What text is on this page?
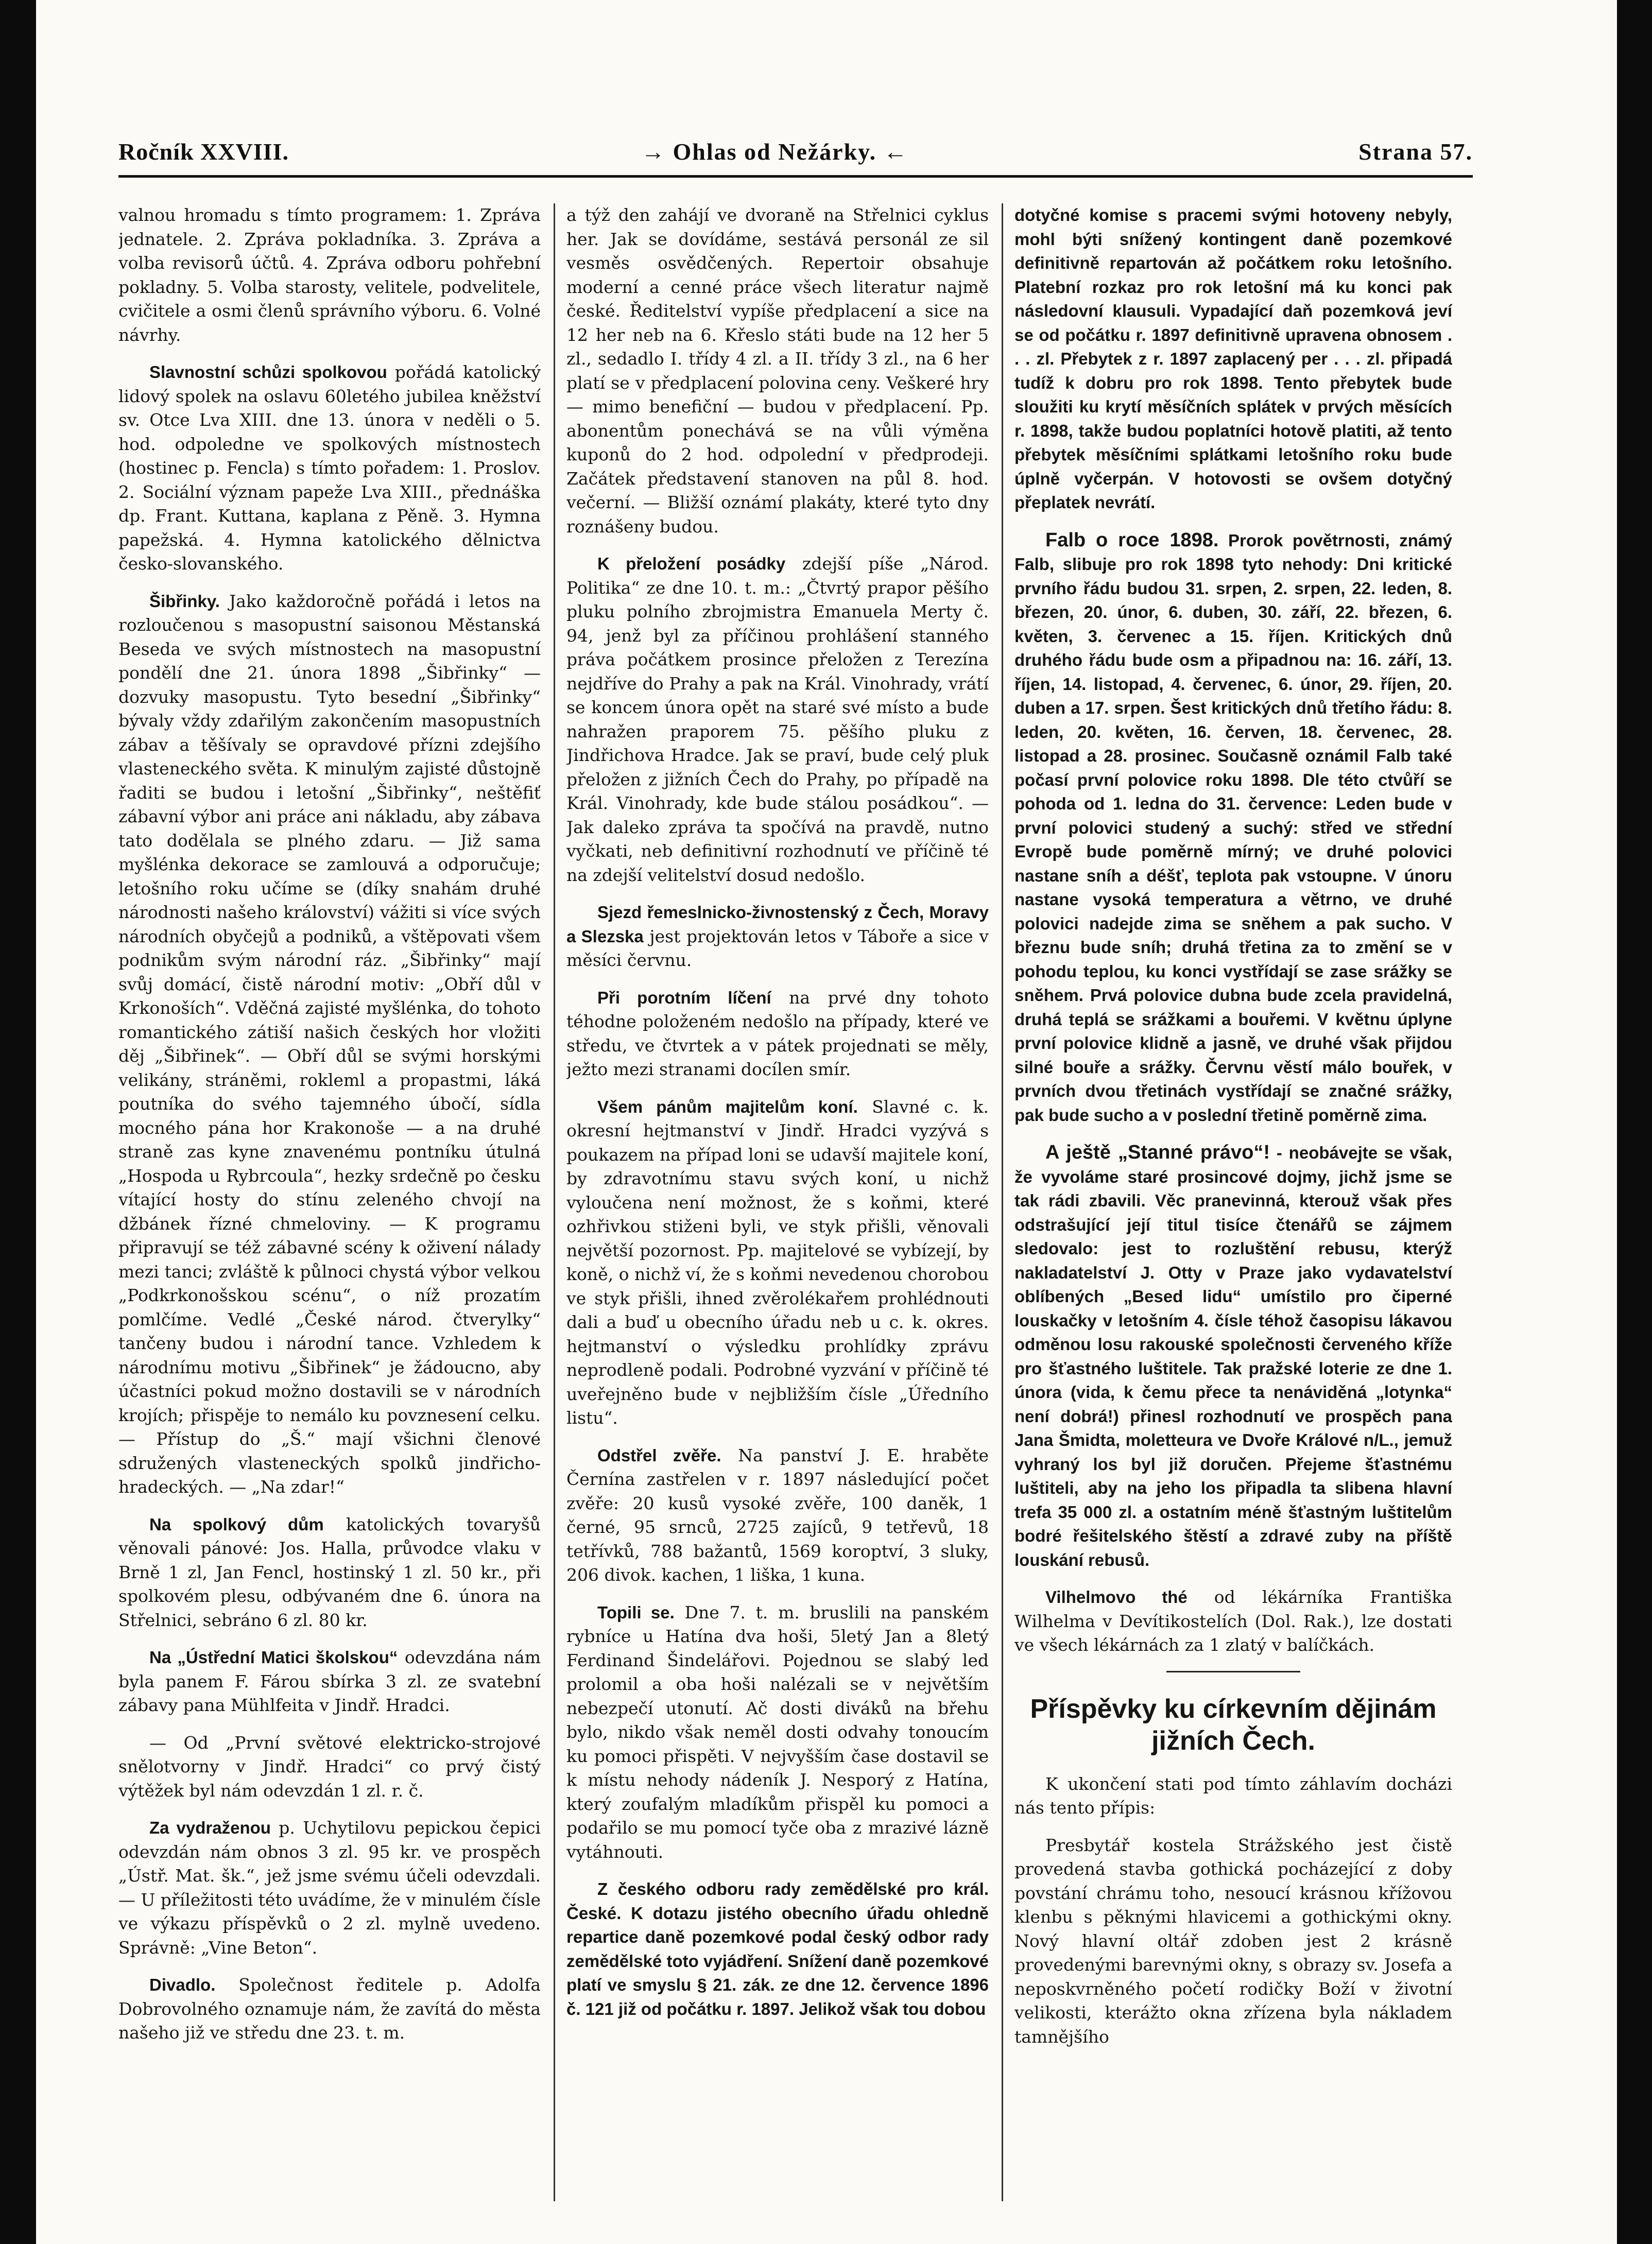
Ročník XXVIII.	→ Ohlas od Nežárky. ←	Strana 57.

valnou hromadu s tímto programem: 1. Zpráva jednatele. 2. Zpráva pokladníka. 3. Zpráva a volba revisorů účtů. 4. Zpráva odboru pohřební pokladny. 5. Volba starosty, velitele, podvelitele, cvičitele a osmi členů správního výboru. 6. Volné návrhy.

Slavnostní schůzi spolkovou pořádá katolický lidový spolek na oslavu 60letého jubilea kněžství sv. Otce Lva XIII. dne 13. února v neděli o 5. hod. odpoledne ve spolkových místnostech (hostinec p. Fencla) s tímto pořadem: 1. Proslov. 2. Sociální význam papeže Lva XIII., přednáška dp. Frant. Kuttana, kaplana z Pěně. 3. Hymna papežská. 4. Hymna katolického dělnictva česko-slovanského.

Šibřinky. Jako každoročně pořádá i letos na rozloučenou s masopustní saisonou Městanská Beseda ve svých místnostech na masopustní pondělí dne 21. února 1898 „Šibřinky“ — dozvuky masopustu. Tyto besední „Šibřinky“ bývaly vždy zdařilým zakončením masopustních zábav a těšívaly se opravdové přízni zdejšího vlasteneckého světa. K minulým zajisté důstojně řaditi se budou i letošní „Šibřinky“, neštěfiť zábavní výbor ani práce ani nákladu, aby zábava tato dodělala se plného zdaru. — Již sama myšlénka dekorace se zamlouvá a odporučuje; letošního roku učíme se (díky snahám druhé národnosti našeho království) vážiti si více svých národních obyčejů a podniků, a vštěpovati všem podnikům svým národní ráz. „Šibřinky“ mají svůj domácí, čistě národní motiv: „Obří důl v Krkonoších“. Vděčná zajisté myšlénka, do tohoto romantického zátiší našich českých hor vložiti děj „Šibřinek“. — Obří důl se svými horskými velikány, stráněmi, rokleml a propastmi, láká poutníka do svého tajemného úbočí, sídla mocného pána hor Krakonoše — a na druhé straně zas kyne znavenému pontníku útulná „Hospoda u Rybrcoula“, hezky srdečně po česku vítající hosty do stínu zeleného chvojí na džbánek řízné chmeloviny. — K programu připravují se též zábavné scény k oživení nálady mezi tanci; zvláště k půlnoci chystá výbor velkou „Podkrkonošskou scénu“, o níž prozatím pomlčíme. Vedlé „České národ. čtverylky“ tančeny budou i národní tance. Vzhledem k národnímu motivu „Šibřinek“ je žádoucno, aby účastníci pokud možno dostavili se v národních krojích; přispěje to nemálo ku povznesení celku. — Přístup do „Š.“ mají všichni členové sdružených vlasteneckých spolků jindřicho-hradeckých. — „Na zdar!“

Na spolkový dům katolických tovaryšů věnovali pánové: Jos. Halla, průvodce vlaku v Brně 1 zl, Jan Fencl, hostinský 1 zl. 50 kr., při spolkovém plesu, odbývaném dne 6. února na Střelnici, sebráno 6 zl. 80 kr.

Na „Ústřední Matici školskou“ odevzdána nám byla panem F. Fárou sbírka 3 zl. ze svatební zábavy pana Mühlfeita v Jindř. Hradci.

— Od „První světové elektricko-strojové snělotvorny v Jindř. Hradci“ co prvý čistý výtěžek byl nám odevzdán 1 zl. r. č.

Za vydraženou p. Uchytilovu pepickou čepici odevzdán nám obnos 3 zl. 95 kr. ve prospěch „Ústř. Mat. šk.“, jež jsme svému účeli odevzdali. — U příležitosti této uvádíme, že v minulém čísle ve výkazu příspěvků o 2 zl. mylně uvedeno. Správně: „Vine Beton“.

Divadlo. Společnost ředitele p. Adolfa Dobrovolného oznamuje nám, že zavítá do města našeho již ve středu dne 23. t. m.

a týž den zahájí ve dvoraně na Střelnici cyklus her. Jak se dovídáme, sestává personál ze sil vesměs osvědčených. Repertoir obsahuje moderní a cenné práce všech literatur najmě české. Ředitelství vypíše předplacení a sice na 12 her neb na 6. Křeslo státi bude na 12 her 5 zl., sedadlo I. třídy 4 zl. a II. třídy 3 zl., na 6 her platí se v předplacení polovina ceny. Veškeré hry — mimo benefiční — budou v předplacení. Pp. abonentům ponechává se na vůli výměna kuponů do 2 hod. odpolední v předprodeji. Začátek představení stanoven na půl 8. hod. večerní. — Bližší oznámí plakáty, které tyto dny roznášeny budou.

K přeložení posádky zdejší píše „Národ. Politika“ ze dne 10. t. m.: „Čtvrtý prapor pěšího pluku polního zbrojmistra Emanuela Merty č. 94, jenž byl za příčinou prohlášení stanného práva počátkem prosince přeložen z Terezína nejdříve do Prahy a pak na Král. Vinohrady, vrátí se koncem února opět na staré své místo a bude nahražen praporem 75. pěšího pluku z Jindřichova Hradce. Jak se praví, bude celý pluk přeložen z jižních Čech do Prahy, po případě na Král. Vinohrady, kde bude stálou posádkou“. — Jak daleko zpráva ta spočívá na pravdě, nutno vyčkati, neb definitivní rozhodnutí ve příčině té na zdejší velitelství dosud nedošlo.

Sjezd řemeslnicko-živnostenský z Čech, Moravy a Slezska jest projektován letos v Táboře a sice v měsíci červnu.

Při porotním líčení na prvé dny tohoto téhodne položeném nedošlo na případy, které ve středu, ve čtvrtek a v pátek projednati se měly, ježto mezi stranami docílen smír.

Všem pánům majitelům koní. Slavné c. k. okresní hejtmanství v Jindř. Hradci vyzývá s poukazem na případ loni se udavší majitele koní, by zdravotnímu stavu svých koní, u nichž vyloučena není možnost, že s koňmi, které ozhřivkou stiženi byli, ve styk přišli, věnovali největší pozornost. Pp. majitelové se vybízejí, by koně, o nichž ví, že s koňmi nevedenou chorobou ve styk přišli, ihned zvěrolékařem prohlédnouti dali a buď u obecního úřadu neb u c. k. okres. hejtmanství o výsledku prohlídky zprávu neprodleně podali. Podrobné vyzvání v příčině té uveřejněno bude v nejbližším čísle „Úředního listu“.

Odstřel zvěře. Na panství J. E. hraběte Černína zastřelen v r. 1897 následující počet zvěře: 20 kusů vysoké zvěře, 100 daněk, 1 černé, 95 srnců, 2725 zajíců, 9 tetřevů, 18 tetřívků, 788 bažantů, 1569 koroptví, 3 sluky, 206 divok. kachen, 1 liška, 1 kuna.

Topili se. Dne 7. t. m. bruslili na panském rybníce u Hatína dva hoši, 5letý Jan a 8letý Ferdinand Šindelářovi. Pojednou se slabý led prolomil a oba hoši nalézali se v největším nebezpečí utonutí. Ač dosti diváků na břehu bylo, nikdo však neměl dosti odvahy tonoucím ku pomoci přispěti. V nejvyšším čase dostavil se k místu nehody nádeník J. Nesporý z Hatína, který zoufalým mladíkům přispěl ku pomoci a podařilo se mu pomocí tyče oba z mrazivé lázně vytáhnouti.

Z českého odboru rady zemědělské pro král. České. K dotazu jistého obecního úřadu ohledně repartice daně pozemkové podal český odbor rady zemědělské toto vyjádření. Snížení daně pozemkové platí ve smyslu § 21. zák. ze dne 12. července 1896 č. 121 již od počátku r. 1897. Jelikož však tou dobou

dotyčné komise s pracemi svými hotoveny nebyly, mohl býti snížený kontingent daně pozemkové definitivně repartován až počátkem roku letošního. Platební rozkaz pro rok letošní má ku konci pak následovní klausuli. Vypadající daň pozemková jeví se od počátku r. 1897 definitivně upravena obnosem . . . zl. Přebytek z r. 1897 zaplacený per . . . zl. připadá tudíž k dobru pro rok 1898. Tento přebytek bude sloužiti ku krytí měsíčních splátek v prvých měsících r. 1898, takže budou poplatníci hotově platiti, až tento přebytek měsíčními splátkami letošního roku bude úplně vyčerpán. V hotovosti se ovšem dotyčný přeplatek nevrátí.

Falb o roce 1898. Prorok povětrnosti, známý Falb, slibuje pro rok 1898 tyto nehody: Dni kritické prvního řádu budou 31. srpen, 2. srpen, 22. leden, 8. březen, 20. únor, 6. duben, 30. září, 22. březen, 6. květen, 3. červenec a 15. říjen. Kritických dnů druhého řádu bude osm a připadnou na: 16. září, 13. říjen, 14. listopad, 4. červenec, 6. únor, 29. říjen, 20. duben a 17. srpen. Šest kritických dnů třetího řádu: 8. leden, 20. květen, 16. červen, 18. červenec, 28. listopad a 28. prosinec. Současně oznámil Falb také počasí první polovice roku 1898. Dle této ctvůří se pohoda od 1. ledna do 31. července: Leden bude v první polovici studený a suchý: střed ve střední Evropě bude poměrně mírný; ve druhé polovici nastane sníh a déšť, teplota pak vstoupne. V únoru nastane vysoká temperatura a větrno, ve druhé polovici nadejde zima se sněhem a pak sucho. V březnu bude sníh; druhá třetina za to změní se v pohodu teplou, ku konci vystřídají se zase srážky se sněhem. Prvá polovice dubna bude zcela pravidelná, druhá teplá se srážkami a bouřemi. V květnu úplyne první polovice klidně a jasně, ve druhé však přijdou silné bouře a srážky. Červnu věstí málo bouřek, v prvních dvou třetinách vystřídají se značné srážky, pak bude sucho a v poslední třetině poměrně zima.

A ještě „Stanné právo“! - neobávejte se však, že vyvoláme staré prosincové dojmy, jichž jsme se tak rádi zbavili. Věc pranevinná, kterouž však přes odstrašující její titul tisíce čtenářů se zájmem sledovalo: jest to rozluštění rebusu, kterýž nakladatelství J. Otty v Praze jako vydavatelství oblíbených „Besed lidu“ umístilo pro čiperné louskačky v letošním 4. čísle téhož časopisu lákavou odměnou losu rakouské společnosti červeného kříže pro šťastného luštitele. Tak pražské loterie ze dne 1. února (vida, k čemu přece ta nenáviděná „lotynka“ není dobrá!) přinesl rozhodnutí ve prospěch pana Jana Šmidta, moletteura ve Dvoře Králové n/L., jemuž vyhraný los byl již doručen. Přejeme šťastnému luštiteli, aby na jeho los připadla ta slibena hlavní trefa 35 000 zl. a ostatním méně šťastným luštitelům bodré řešitelského štěstí a zdravé zuby na příště louskání rebusů.

Vilhelmovo thé od lékárníka Františka Wilhelma v Devítikostelích (Dol. Rak.), lze dostati ve všech lékárnách za 1 zlatý v balíčkách.

Příspěvky ku církevním dějinám jižních Čech.

K ukončení stati pod tímto záhlavím docházi nás tento přípis:

Presbytář kostela Strážského jest čistě provedená stavba gothická pocházející z doby povstání chrámu toho, nesoucí krásnou křížovou klenbu s pěknými hlavicemi a gothickými okny. Nový hlavní oltář zdoben jest 2 krásně provedenými barevnými okny, s obrazy sv. Josefa a neposkvrněného početí rodičky Boží v životní velikosti, kterážto okna zřízena byla nákladem tamnějšího
